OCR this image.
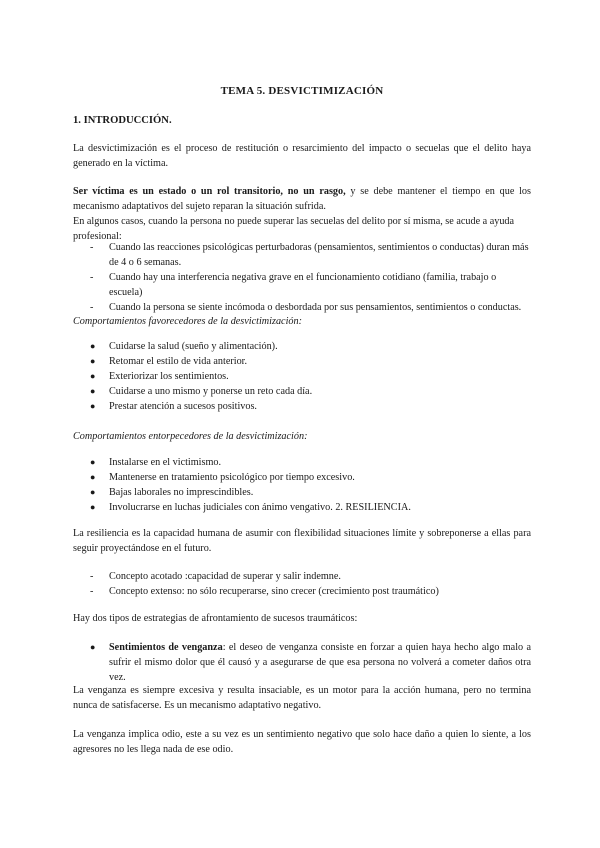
TEMA 5. DESVICTIMIZACIÓN
1. INTRODUCCIÓN.

La desvictimización es el proceso de restitución o resarcimiento del impacto o secuelas que el delito haya generado en la víctima.

Ser víctima es un estado o un rol transitorio, no un rasgo, y se debe mantener el tiempo en que los mecanismo adaptativos del sujeto reparan la situación sufrida.

En algunos casos, cuando la persona no puede superar las secuelas del delito por sí misma, se acude a ayuda profesional:

- Cuando las reacciones psicológicas perturbadoras (pensamientos, sentimientos o conductas) duran más de 4 o 6 semanas.
- Cuando hay una interferencia negativa grave en el funcionamiento cotidiano (familia, trabajo o escuela)
- Cuando la persona se siente incómoda o desbordada por sus pensamientos, sentimientos o conductas.

Comportamientos favorecedores de la desvictimización:

● Cuidarse la salud (sueño y alimentación).
● Retomar el estilo de vida anterior.
● Exteriorizar los sentimientos.
● Cuidarse a uno mismo y ponerse un reto cada día.
● Prestar atención a sucesos positivos.

Comportamientos entorpecedores de la desvictimización:

● Instalarse en el victimismo.
● Mantenerse en tratamiento psicológico por tiempo excesivo.
● Bajas laborales no imprescindibles.
● Involucrarse en luchas judiciales con ánimo vengativo. 2. RESILIENCIA.

La resiliencia es la capacidad humana de asumir con flexibilidad situaciones límite y sobreponerse a ellas para seguir proyectándose en el futuro.

- Concepto acotado :capacidad de superar y salir indemne.
- Concepto extenso: no sólo recuperarse, sino crecer (crecimiento post traumático)

Hay dos tipos de estrategias de afrontamiento de sucesos traumáticos:

● Sentimientos de venganza: el deseo de venganza consiste en forzar a quien haya hecho algo malo a sufrir el mismo dolor que él causó y a asegurarse de que esa persona no volverá a cometer daños otra vez.

La venganza es siempre excesiva y resulta insaciable, es un motor para la acción humana, pero no termina nunca de satisfacerse. Es un mecanismo adaptativo negativo.

La venganza implica odio, este a su vez es un sentimiento negativo que solo hace daño a quien lo siente, a los agresores no les llega nada de ese odio.
